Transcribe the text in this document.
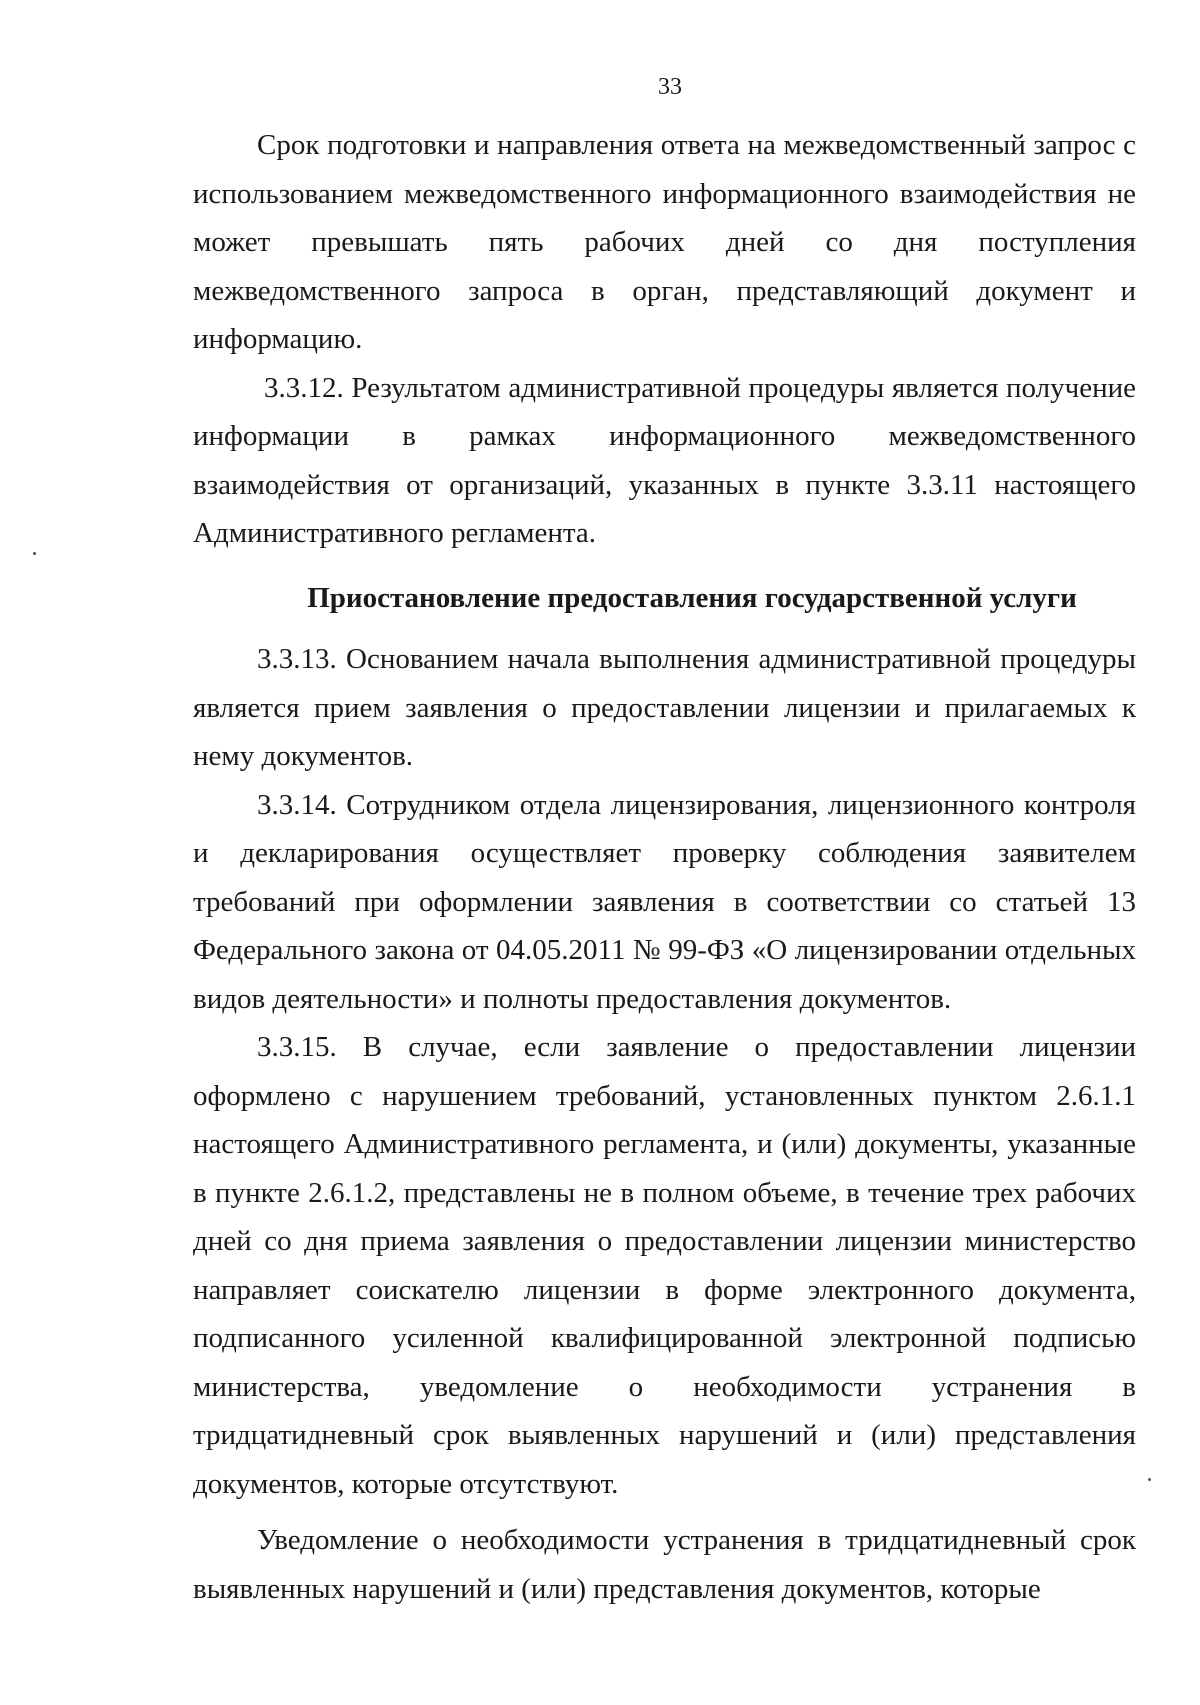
33

Срок подготовки и направления ответа на межведомственный запрос с использованием межведомственного информационного взаимодействия не может превышать пять рабочих дней со дня поступления межведомственного запроса в орган, представляющий документ и информацию.

3.3.12. Результатом административной процедуры является получение информации в рамках информационного межведомственного взаимодействия от организаций, указанных в пункте 3.3.11 настоящего Административного регламента.

Приостановление предоставления государственной услуги

3.3.13. Основанием начала выполнения административной процедуры является прием заявления о предоставлении лицензии и прилагаемых к нему документов.

3.3.14. Сотрудником отдела лицензирования, лицензионного контроля и декларирования осуществляет проверку соблюдения заявителем требований при оформлении заявления в соответствии со статьей 13 Федерального закона от 04.05.2011 № 99-ФЗ «О лицензировании отдельных видов деятельности» и полноты предоставления документов.

3.3.15. В случае, если заявление о предоставлении лицензии оформлено с нарушением требований, установленных пунктом 2.6.1.1 настоящего Административного регламента, и (или) документы, указанные в пункте 2.6.1.2, представлены не в полном объеме, в течение трех рабочих дней со дня приема заявления о предоставлении лицензии министерство направляет соискателю лицензии в форме электронного документа, подписанного усиленной квалифицированной электронной подписью министерства, уведомление о необходимости устранения в тридцатидневный срок выявленных нарушений и (или) представления документов, которые отсутствуют.

Уведомление о необходимости устранения в тридцатидневный срок выявленных нарушений и (или) представления документов, которые
